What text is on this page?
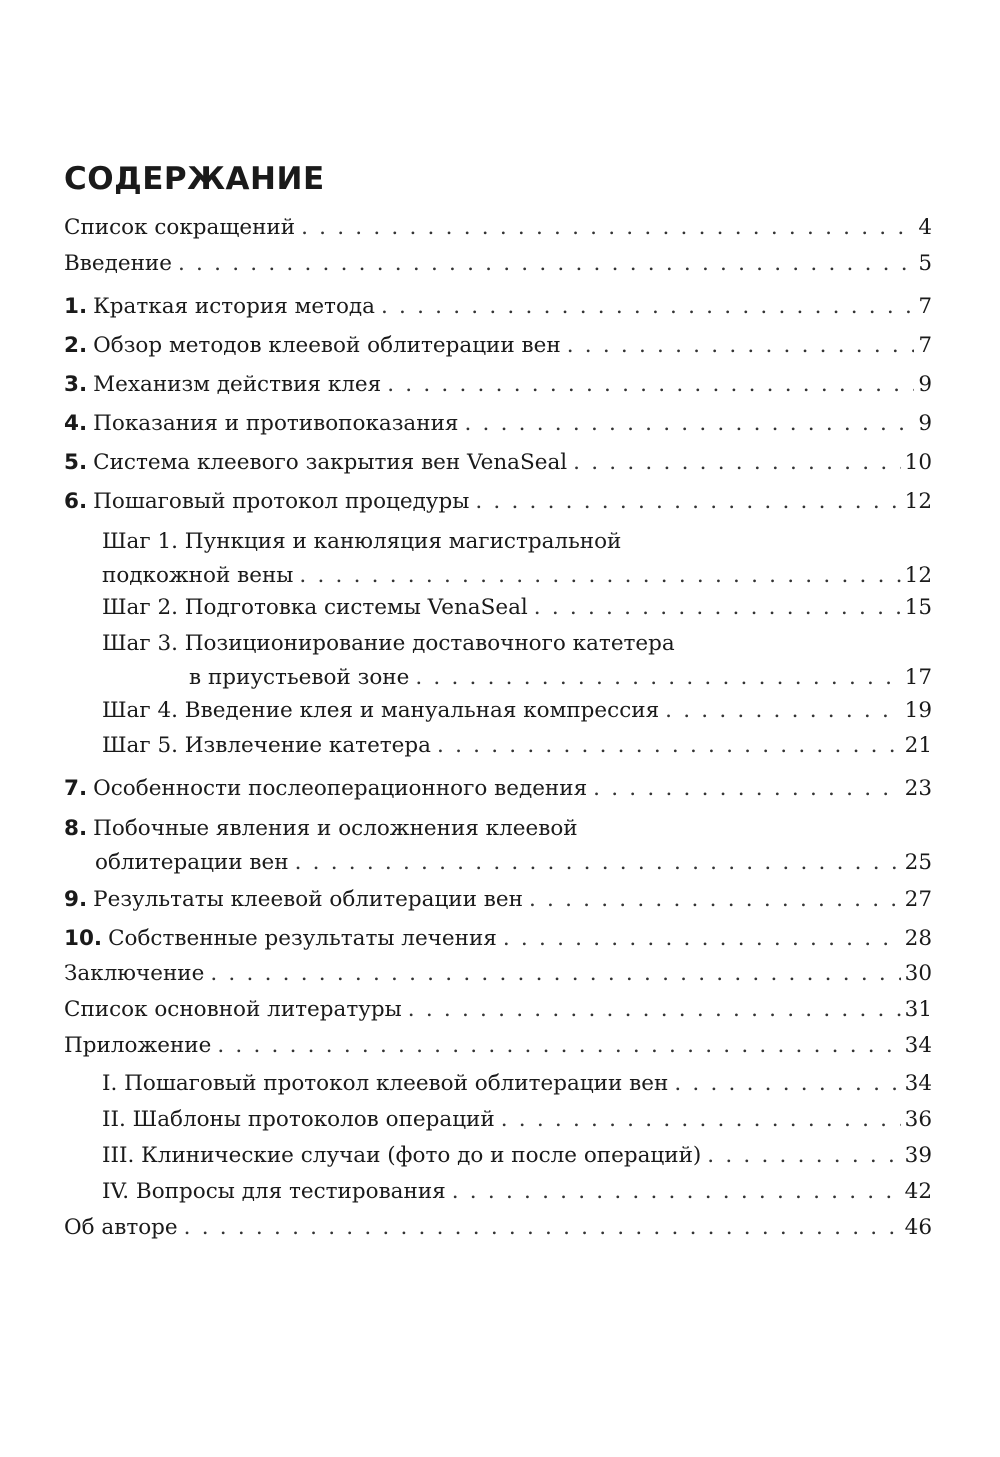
СОДЕРЖАНИЕ
Список сокращений . . .	4
Введение . . .	5
1. Краткая история метода . . .	7
2. Обзор методов клеевой облитерации вен . . .	7
3. Механизм действия клея . . .	9
4. Показания и противопоказания . . .	9
5. Система клеевого закрытия вен VenaSeal . . .	10
6. Пошаговый протокол процедуры . . .	12
Шаг 1. Пункция и канюляция магистральной
подкожной вены . . .	12
Шаг 2. Подготовка системы VenaSeal . . .	15
Шаг 3. Позиционирование доставочного катетера
в приустьевой зоне . . .	17
Шаг 4. Введение клея и мануальная компрессия . . .	19
Шаг 5. Извлечение катетера . . .	21
7. Особенности послеоперационного ведения . . .	23
8. Побочные явления и осложнения клеевой
облитерации вен . . .	25
9. Результаты клеевой облитерации вен . . .	27
10. Собственные результаты лечения . . .	28
Заключение . . .	30
Список основной литературы . . .	31
Приложение . . .	34
I. Пошаговый протокол клеевой облитерации вен . . .	34
II. Шаблоны протоколов операций . . .	36
III. Клинические случаи (фото до и после операций) . . .	39
IV. Вопросы для тестирования . . .	42
Об авторе . . .	46
